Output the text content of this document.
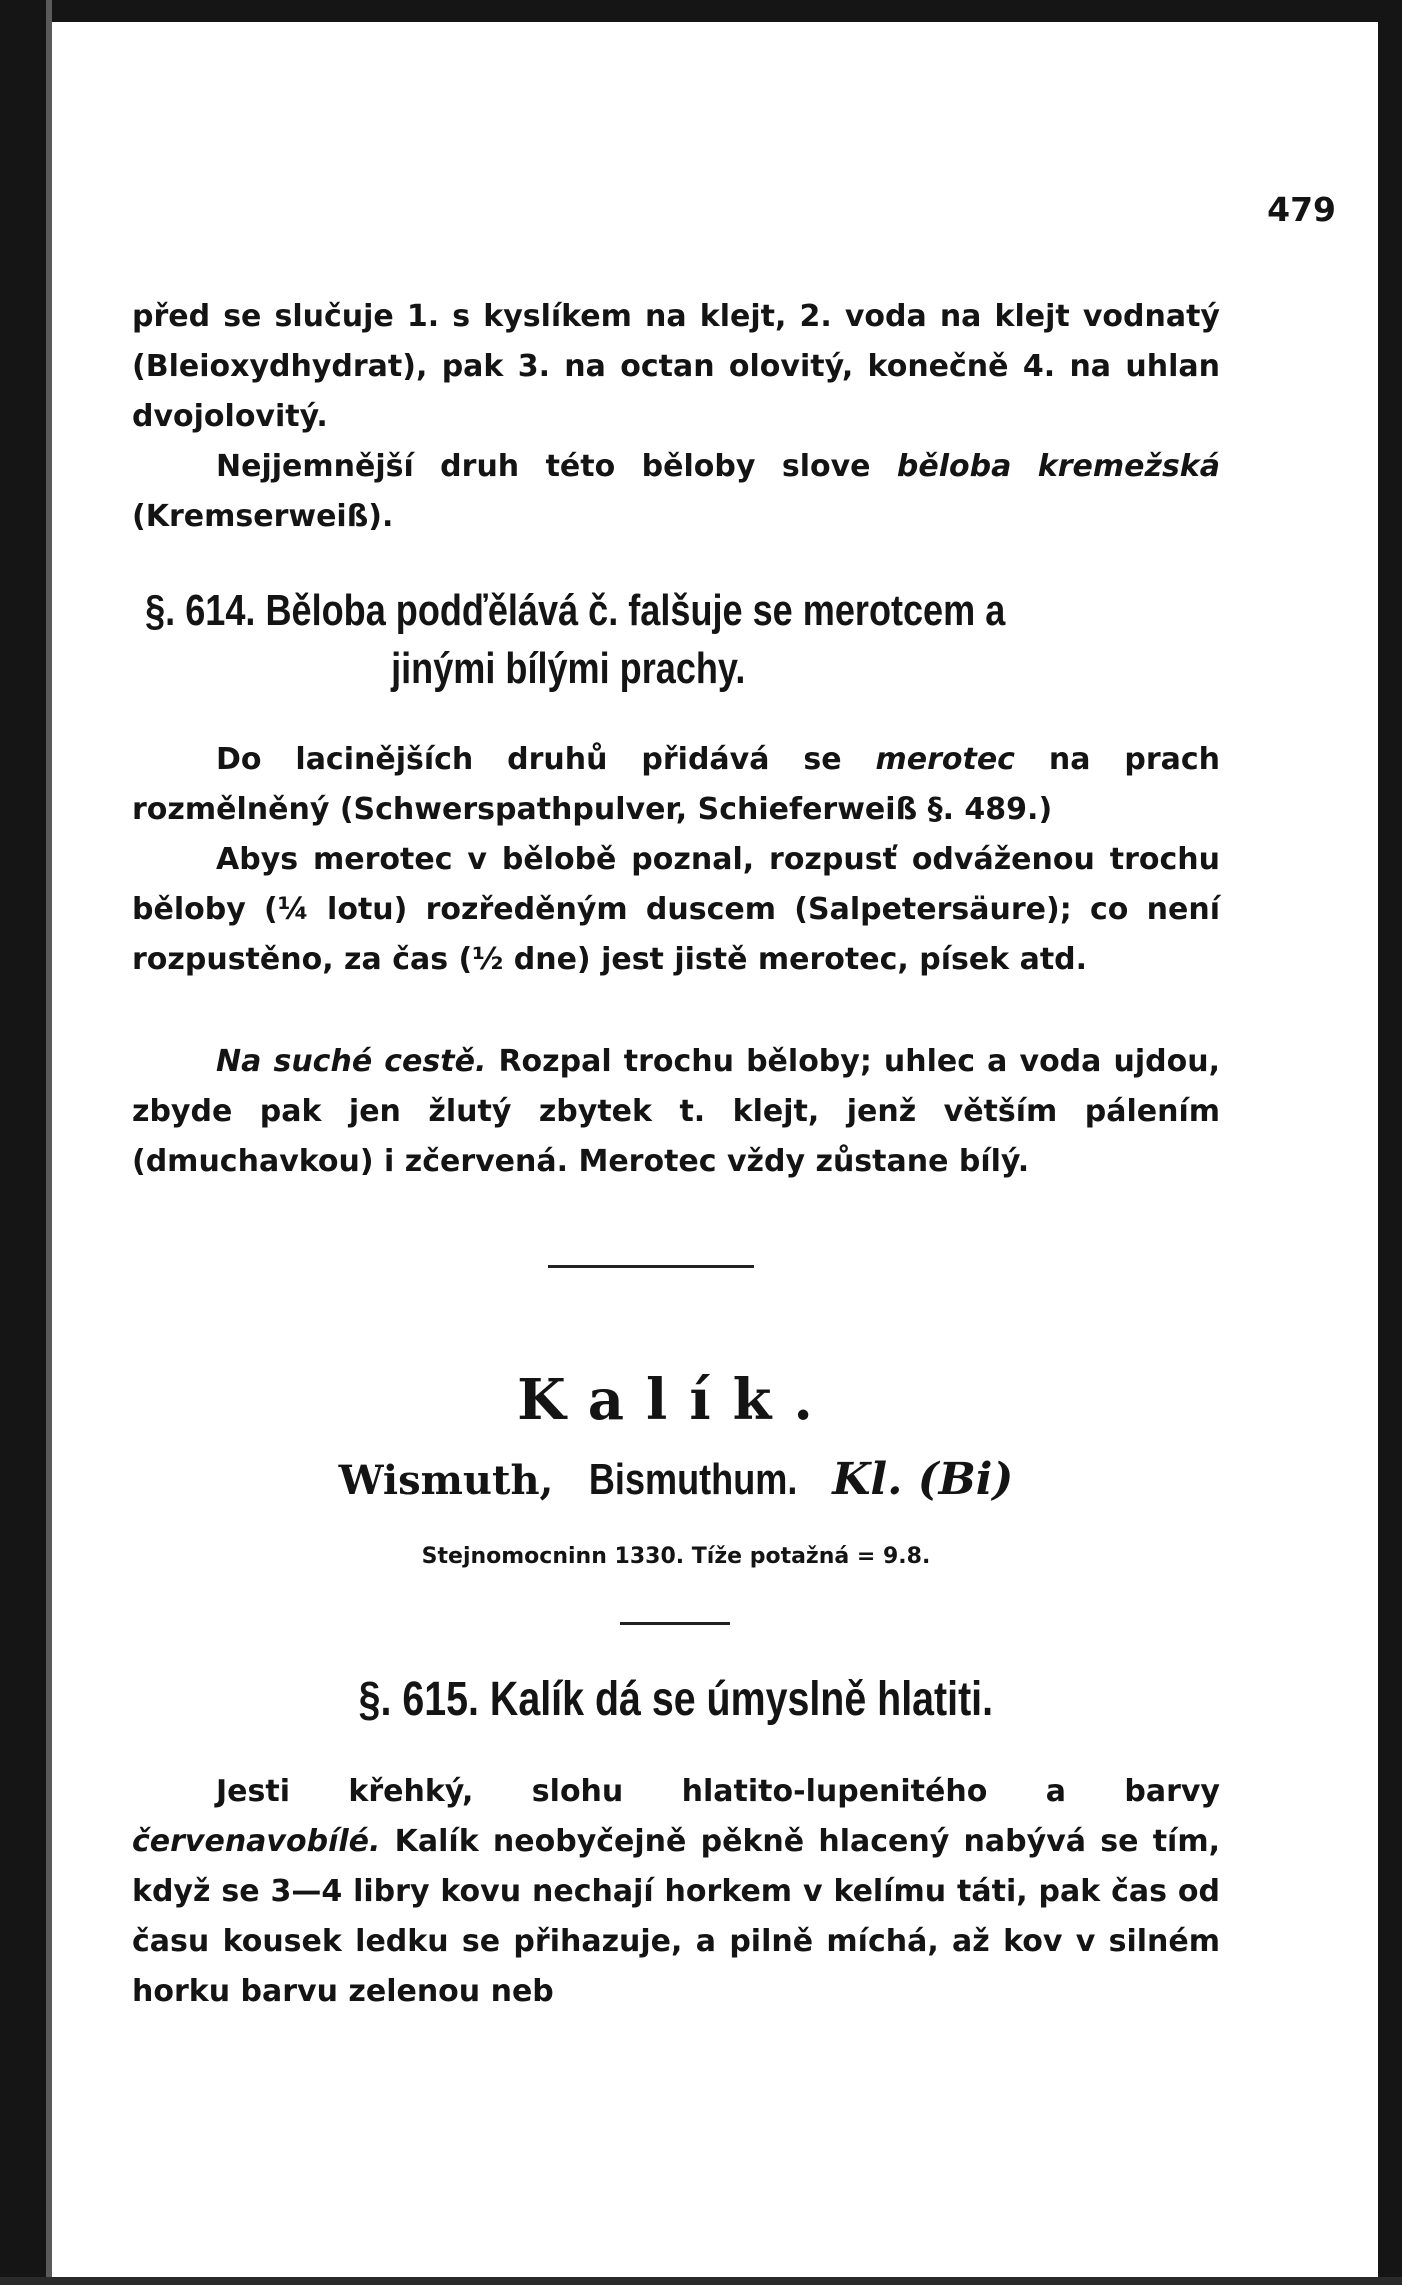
479

před se slučuje 1. s kyslíkem na klejt, 2. voda na klejt vodnatý (Bleioxydhydrat), pak 3. na octan olovitý, konečně 4. na uhlan dvojolovitý.
Nejjemnější druh této běloby slove běloba kremežská (Kremserweiß).

§. 614. Běloba podďělává č. falšuje se merotcem a
jinými bílými prachy.

Do lacinějších druhů přidává se merotec na prach rozmělněný (Schwerspathpulver, Schieferweiß §. 489.)

Abys merotec v bělobě poznal, rozpusť odváženou trochu běloby (¼ lotu) rozředěným duscem (Salpetersäure); co není rozpustěno, za čas (½ dne) jest jistě merotec, písek atd.

Na suché cestě. Rozpal trochu běloby; uhlec a voda ujdou, zbyde pak jen žlutý zbytek t. klejt, jenž větším pálením (dmuchavkou) i zčervená. Merotec vždy zůstane bílý.

Kalík.
Wismuth, Bismuthum. Kl. (Bi)
Stejnomocninn 1330. Tíže potažná = 9.8.
§. 615. Kalík dá se úmyslně hlatiti.

Jesti křehký, slohu hlatito-lupenitého a barvy červenavobílé. Kalík neobyčejně pěkně hlacený nabývá se tím, když se 3—4 libry kovu nechají horkem v kelímu táti, pak čas od času kousek ledku se přihazuje, a pilně míchá, až kov v silném horku barvu zelenou neb
